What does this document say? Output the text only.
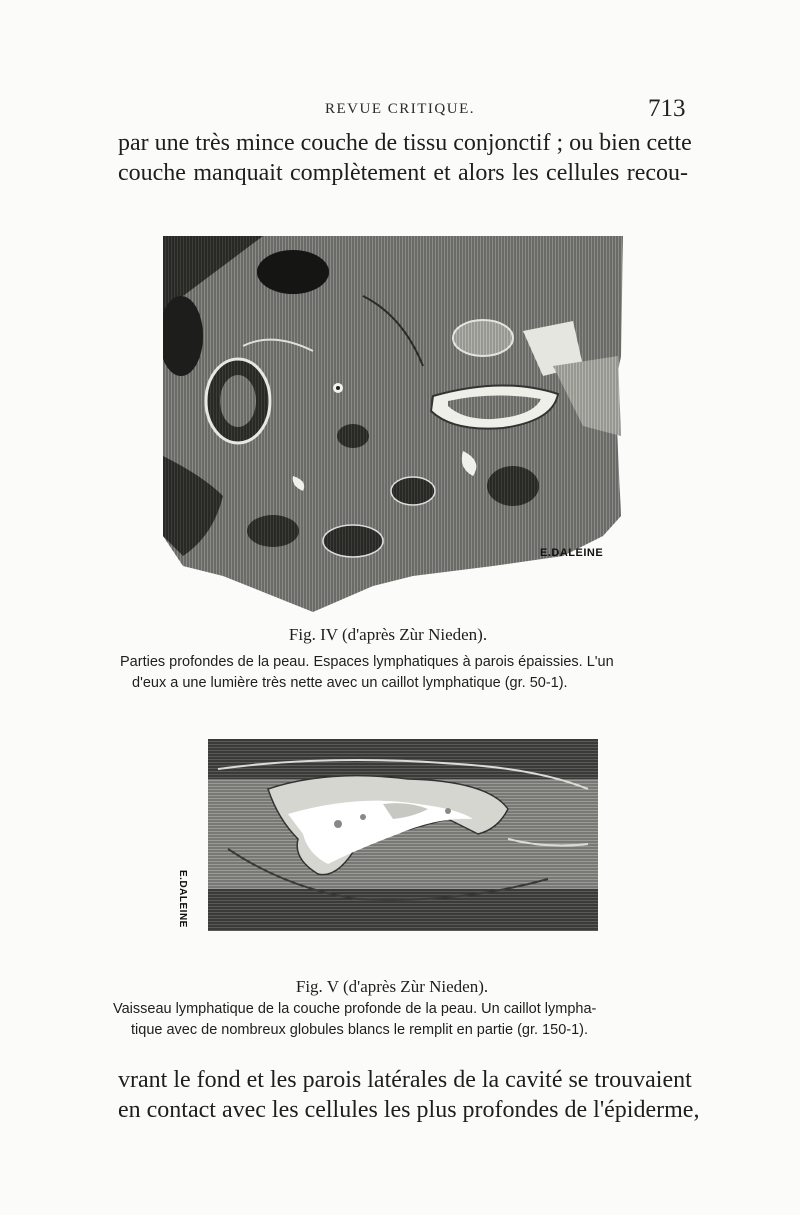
REVUE CRITIQUE.	713

par une très mince couche de tissu conjonctif ; ou bien cette
couche manquait complètement et alors les cellules recou-

E.DALEINE
Fig. IV (d'après Zùr Nieden).
Parties profondes de la peau. Espaces lymphatiques à parois épaissies. L'un
d'eux a une lumière très nette avec un caillot lymphatique (gr. 50-1).
E.DALEINE
Fig. V (d'après Zùr Nieden).
Vaisseau lymphatique de la couche profonde de la peau. Un caillot lympha-
tique avec de nombreux globules blancs le remplit en partie (gr. 150-1).

vrant le fond et les parois latérales de la cavité se trouvaient
en contact avec les cellules les plus profondes de l'épiderme,
